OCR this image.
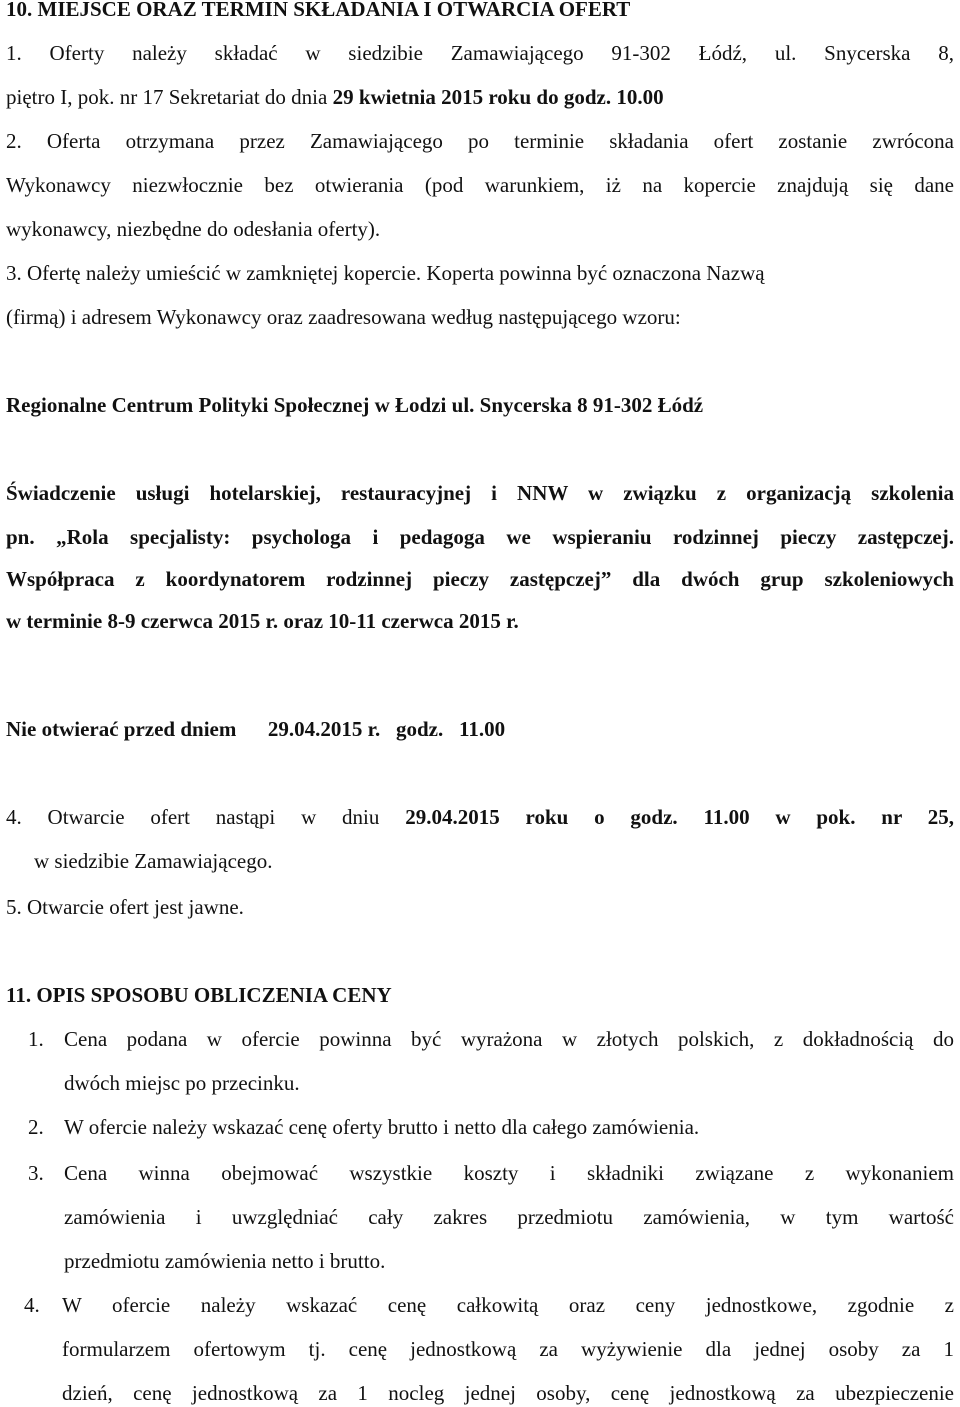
10. MIEJSCE ORAZ TERMIN SKŁADANIA I OTWARCIA OFERT
1. Oferty należy składać w siedzibie Zamawiającego 91-302 Łódź, ul. Snycerska 8,
piętro I, pok. nr 17 Sekretariat do dnia 29 kwietnia 2015 roku do godz. 10.00
2. Oferta otrzymana przez Zamawiającego po terminie składania ofert zostanie zwrócona
Wykonawcy niezwłocznie bez otwierania (pod warunkiem, iż na kopercie znajdują się dane
wykonawcy, niezbędne do odesłania oferty).
3. Ofertę należy umieścić w zamkniętej kopercie. Koperta powinna być oznaczona Nazwą
(firmą) i adresem Wykonawcy oraz zaadresowana według następującego wzoru:
Regionalne Centrum Polityki Społecznej w Łodzi ul. Snycerska 8 91-302 Łódź
Świadczenie usługi hotelarskiej, restauracyjnej i NNW w związku z organizacją szkolenia
pn. „Rola specjalisty: psychologa i pedagoga we wspieraniu rodzinnej pieczy zastępczej.
Współpraca z koordynatorem rodzinnej pieczy zastępczej” dla dwóch grup szkoleniowych
w terminie 8-9 czerwca 2015 r. oraz 10-11 czerwca 2015 r.
Nie otwierać przed dniem      29.04.2015 r.   godz.   11.00
4. Otwarcie ofert nastąpi w dniu 29.04.2015 roku o godz. 11.00 w pok. nr 25,
w siedzibie Zamawiającego.
5. Otwarcie ofert jest jawne.
11. OPIS SPOSOBU OBLICZENIA CENY
1. Cena podana w ofercie powinna być wyrażona w złotych polskich, z dokładnością do
dwóch miejsc po przecinku.
2. W ofercie należy wskazać cenę oferty brutto i netto dla całego zamówienia.
3. Cena winna obejmować wszystkie koszty i składniki związane z wykonaniem
zamówienia i uwzględniać cały zakres przedmiotu zamówienia, w tym wartość
przedmiotu zamówienia netto i brutto.
4. W ofercie należy wskazać cenę całkowitą oraz ceny jednostkowe, zgodnie z
formularzem ofertowym tj. cenę jednostkową za wyżywienie dla jednej osoby za 1
dzień, cenę jednostkową za 1 nocleg jednej osoby, cenę jednostkową za ubezpieczenie
